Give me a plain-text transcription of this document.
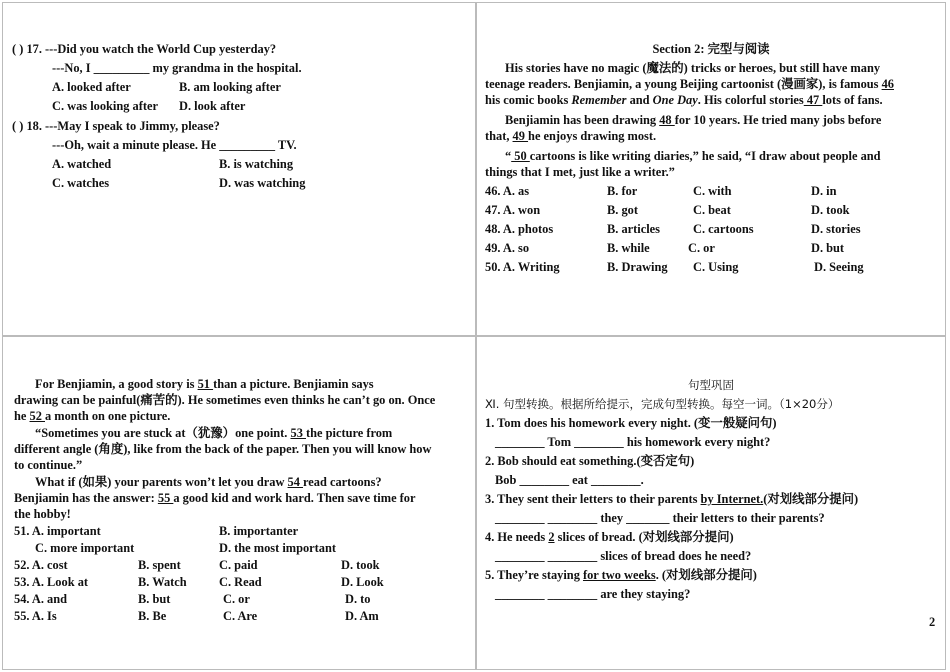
( ) 17. ---Did you watch the World Cup yesterday?
---No, I _________ my grandma in the hospital.
A. looked after	B. am looking after
C. was looking after D. look after
( ) 18. ---May I speak to Jimmy, please?
---Oh, wait a minute please. He _________ TV.
A. watched	B. is watching
C. watches	D. was watching
Section 2: 完型与阅读
His stories have no magic (魔法的) tricks or heroes, but still have many
teenage readers. Benjiamin, a young Beijing cartoonist (漫画家), is famous 46
his comic books Remember and One Day. His colorful stories 47 lots of fans.
Benjiamin has been drawing 48 for 10 years. He tried many jobs before
that, 49 he enjoys drawing most.
“ 50 cartoons is like writing diaries,” he said, “I draw about people and
things that I met, just like a writer.”
46. A. as	B. for	C. with	D. in
47. A. won	B. got	C. beat	D. took
48. A. photos	B. articles	C. cartoons	D. stories
49. A. so	B. while	C. or	D. but
50. A. Writing	B. Drawing C. Using	D. Seeing
For Benjiamin, a good story is 51 than a picture. Benjiamin says
drawing can be painful(痛苦的). He sometimes even thinks he can’t go on. Once
he 52 a month on one picture.
“Sometimes you are stuck at（犹豫）one point. 53 the picture from
different angle (角度), like from the back of the paper. Then you will know how
to continue.”
What if (如果) your parents won’t let you draw 54 read cartoons?
Benjiamin has the answer: 55 a good kid and work hard. Then save time for
the hobby!
51. A. important	B. importanter
C. more important	D. the most important
52. A. cost	B. spent	C. paid	D. took
53. A. Look at	B. Watch	C. Read	D. Look
54. A. and	B. but	C. or	D. to
55. A. Is	B. Be	C. Are	D. Am
句型巩固
Ⅺ. 句型转换。根据所给提示，完成句型转换。每空一词。（1×20分）
1. Tom does his homework every night. (变一般疑问句)
________ Tom ________ his homework every night?
2. Bob should eat something.(变否定句)
Bob ________ eat ________.
3. They sent their letters to their parents by Internet.(对划线部分提问)
________ ________ they _______ their letters to their parents?
4. He needs 2 slices of bread. (对划线部分提问)
________ ________ slices of bread does he need?
5. They’re staying for two weeks. (对划线部分提问)
________ ________ are they staying?
2
